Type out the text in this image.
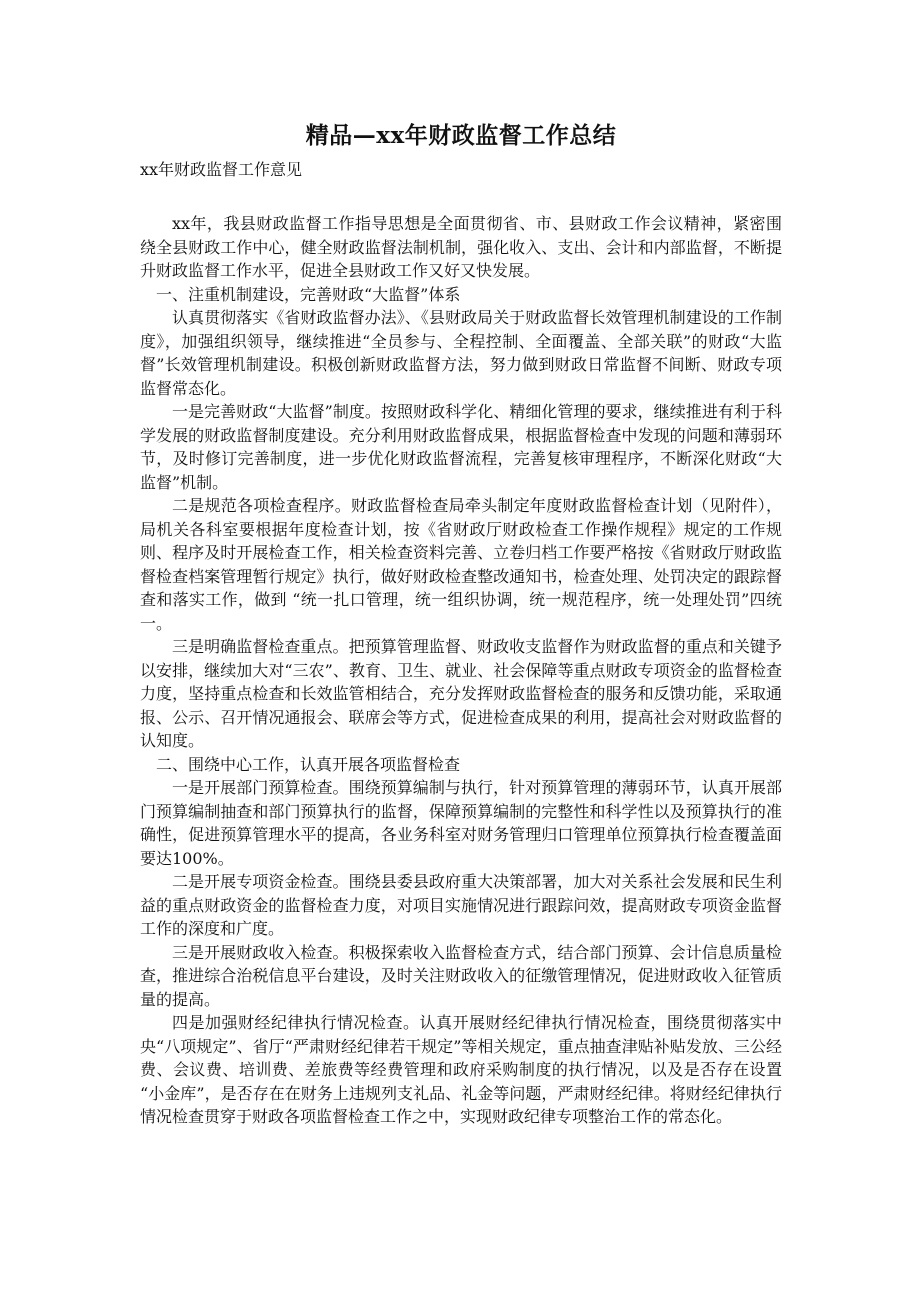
精品—xx年财政监督工作总结
xx年财政监督工作意见

xx年，我县财政监督工作指导思想是全面贯彻省、市、县财政工作会议精神，紧密围绕全县财政工作中心，健全财政监督法制机制，强化收入、支出、会计和内部监督，不断提升财政监督工作水平，促进全县财政工作又好又快发展。

一、注重机制建设，完善财政“大监督”体系

认真贯彻落实《省财政监督办法》、《县财政局关于财政监督长效管理机制建设的工作制度》，加强组织领导，继续推进“全员参与、全程控制、全面覆盖、全部关联”的财政“大监督”长效管理机制建设。积极创新财政监督方法，努力做到财政日常监督不间断、财政专项监督常态化。

一是完善财政“大监督”制度。按照财政科学化、精细化管理的要求，继续推进有利于科学发展的财政监督制度建设。充分利用财政监督成果，根据监督检查中发现的问题和薄弱环节，及时修订完善制度，进一步优化财政监督流程，完善复核审理程序，不断深化财政“大监督”机制。

二是规范各项检查程序。财政监督检查局牵头制定年度财政监督检查计划（见附件），局机关各科室要根据年度检查计划，按《省财政厅财政检查工作操作规程》规定的工作规则、程序及时开展检查工作，相关检查资料完善、立卷归档工作要严格按《省财政厅财政监督检查档案管理暂行规定》执行，做好财政检查整改通知书，检查处理、处罚决定的跟踪督查和落实工作，做到 “统一扎口管理，统一组织协调，统一规范程序，统一处理处罚”四统一。

三是明确监督检查重点。把预算管理监督、财政收支监督作为财政监督的重点和关键予以安排，继续加大对“三农”、教育、卫生、就业、社会保障等重点财政专项资金的监督检查力度，坚持重点检查和长效监管相结合，充分发挥财政监督检查的服务和反馈功能，采取通报、公示、召开情况通报会、联席会等方式，促进检查成果的利用，提高社会对财政监督的认知度。

二、围绕中心工作，认真开展各项监督检查

一是开展部门预算检查。围绕预算编制与执行，针对预算管理的薄弱环节，认真开展部门预算编制抽查和部门预算执行的监督，保障预算编制的完整性和科学性以及预算执行的准确性，促进预算管理水平的提高，各业务科室对财务管理归口管理单位预算执行检查覆盖面要达100%。

二是开展专项资金检查。围绕县委县政府重大决策部署，加大对关系社会发展和民生利益的重点财政资金的监督检查力度，对项目实施情况进行跟踪问效，提高财政专项资金监督工作的深度和广度。

三是开展财政收入检查。积极探索收入监督检查方式，结合部门预算、会计信息质量检查，推进综合治税信息平台建设，及时关注财政收入的征缴管理情况，促进财政收入征管质量的提高。

四是加强财经纪律执行情况检查。认真开展财经纪律执行情况检查，围绕贯彻落实中央“八项规定”、省厅“严肃财经纪律若干规定”等相关规定，重点抽查津贴补贴发放、三公经费、会议费、培训费、差旅费等经费管理和政府采购制度的执行情况，以及是否存在设置 “小金库”，是否存在在财务上违规列支礼品、礼金等问题，严肃财经纪律。将财经纪律执行情况检查贯穿于财政各项监督检查工作之中，实现财政纪律专项整治工作的常态化。
